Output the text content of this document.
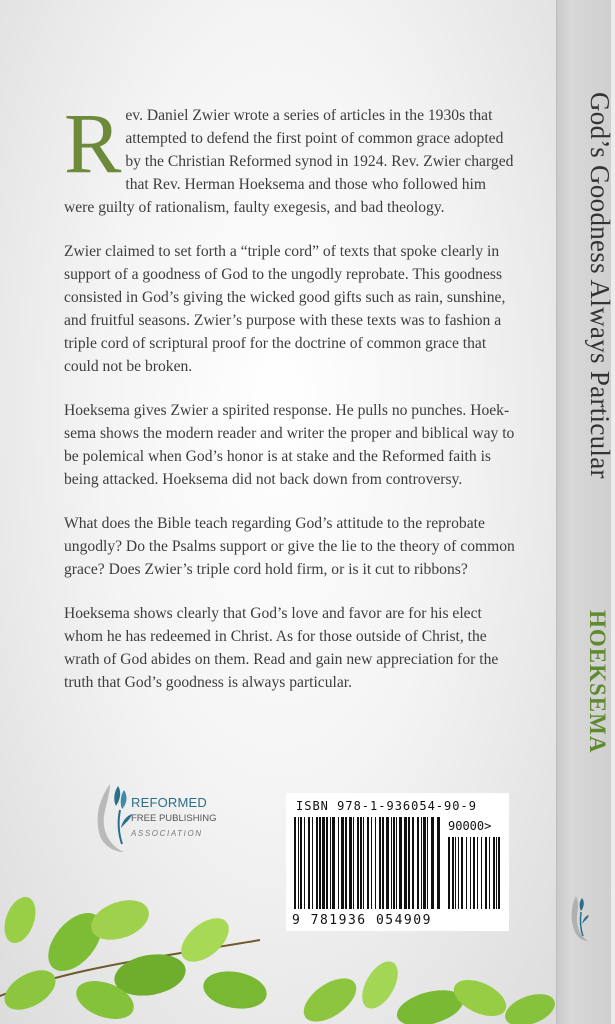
Rev. Daniel Zwier wrote a series of articles in the 1930s that attempted to defend the first point of common grace adopted by the Christian Reformed synod in 1924. Rev. Zwier charged that Rev. Herman Hoeksema and those who followed him were guilty of rationalism, faulty exegesis, and bad theology.

Zwier claimed to set forth a “triple cord” of texts that spoke clearly in support of a goodness of God to the ungodly reprobate. This goodness consisted in God’s giving the wicked good gifts such as rain, sunshine, and fruitful seasons. Zwier’s purpose with these texts was to fashion a triple cord of scriptural proof for the doctrine of common grace that could not be broken.

Hoeksema gives Zwier a spirited response. He pulls no punches. Hoek-sema shows the modern reader and writer the proper and biblical way to be polemical when God’s honor is at stake and the Reformed faith is being attacked. Hoeksema did not back down from controversy.

What does the Bible teach regarding God’s attitude to the reprobate ungodly? Do the Psalms support or give the lie to the theory of common grace? Does Zwier’s triple cord hold firm, or is it cut to ribbons?

Hoeksema shows clearly that God’s love and favor are for his elect whom he has redeemed in Christ. As for those outside of Christ, the wrath of God abides on them. Read and gain new appreciation for the truth that God’s goodness is always particular.

REFORMED
FREE PUBLISHING
ASSOCIATION
ISBN 978-1-936054-90-9
90000>
9 781936 054909
God’s Goodness Always Particular
HOEKSEMA
